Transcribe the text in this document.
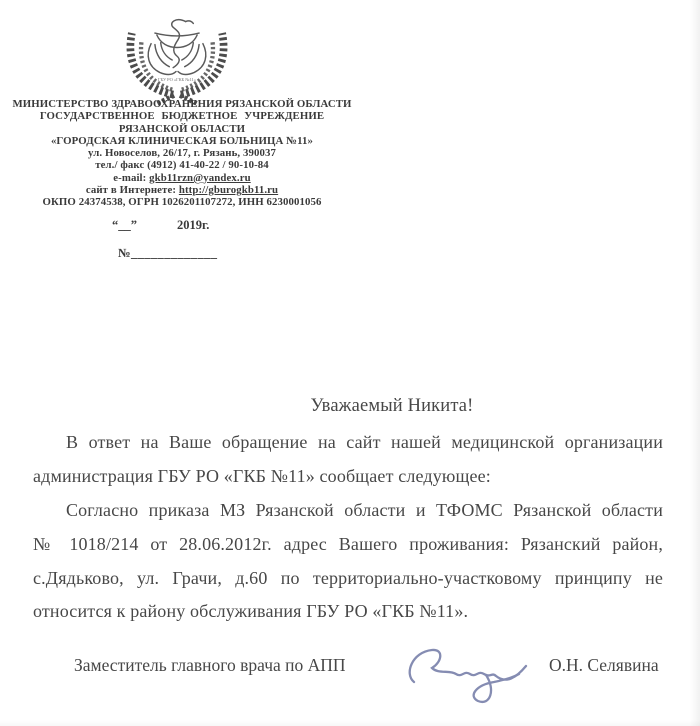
ГБУ РО «ГКБ №11»
МИНИСТЕРСТВО ЗДРАВООХРАНЕНИЯ РЯЗАНСКОЙ ОБЛАСТИ
ГОСУДАРСТВЕННОЕ БЮДЖЕТНОЕ УЧРЕЖДЕНИЕ
РЯЗАНСКОЙ ОБЛАСТИ
«ГОРОДСКАЯ КЛИНИЧЕСКАЯ БОЛЬНИЦА №11»
ул. Новоселов, 26/17, г. Рязань, 390037
тел./ факс (4912) 41-40-22 / 90-10-84
e-mail: gkb11rzn@yandex.ru
сайт в Интернете: http://gburogkb11.ru
ОКПО 24374538, ОГРН 1026201107272, ИНН 6230001056
“__”	2019г.
№_____________
Уважаемый Никита!
В ответ на Ваше обращение на сайт нашей медицинской организации
администрация ГБУ РО «ГКБ №11» сообщает следующее:
Согласно приказа МЗ Рязанской области и ТФОМС Рязанской области
№ 1018/214 от 28.06.2012г. адрес Вашего проживания: Рязанский район,
с.Дядьково, ул. Грачи, д.60 по территориально-участковому принципу не
относится к району обслуживания ГБУ РО «ГКБ №11».
Заместитель главного врача по АПП	О.Н. Селявина
